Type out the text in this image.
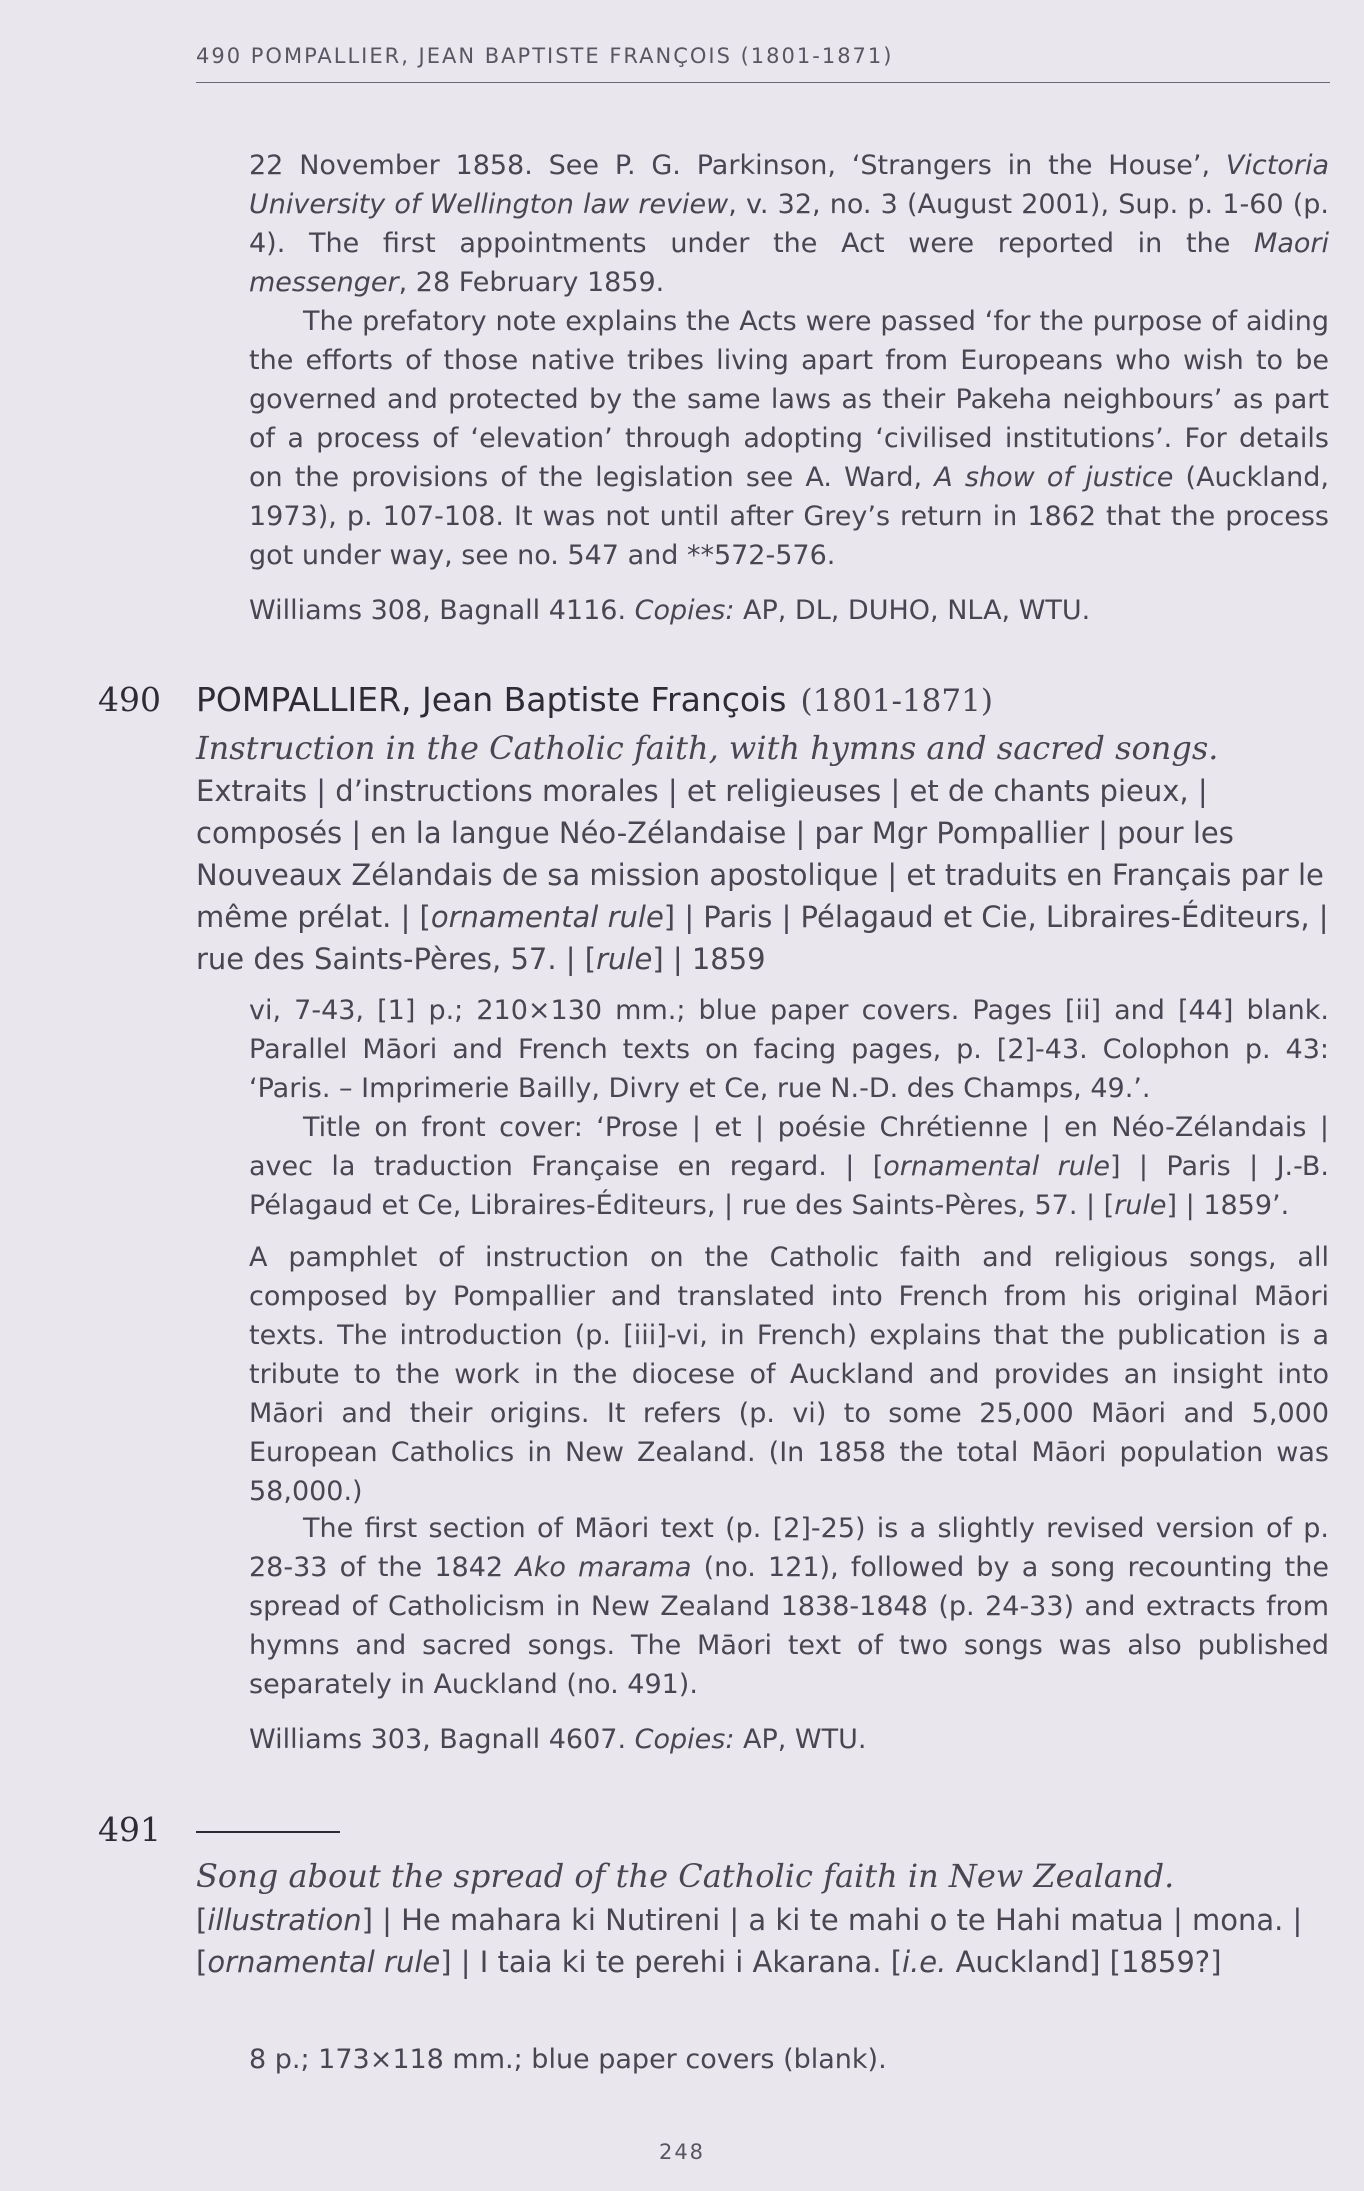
490 POMPALLIER, JEAN BAPTISTE FRANÇOIS (1801-1871)

22 November 1858. See P. G. Parkinson, ‘Strangers in the House’, Victoria University of Wellington law review, v. 32, no. 3 (August 2001), Sup. p. 1-60 (p. 4). The first appointments under the Act were reported in the Maori messenger, 28 February 1859.

The prefatory note explains the Acts were passed ‘for the purpose of aiding the efforts of those native tribes living apart from Europeans who wish to be governed and protected by the same laws as their Pakeha neighbours’ as part of a process of ‘elevation’ through adopting ‘civilised institutions’. For details on the provisions of the legislation see A. Ward, A show of justice (Auckland, 1973), p. 107-108. It was not until after Grey’s return in 1862 that the process got under way, see no. 547 and **572-576.

Williams 308, Bagnall 4116. Copies: AP, DL, DUHO, NLA, WTU.

490 POMPALLIER, Jean Baptiste François (1801-1871)
Instruction in the Catholic faith, with hymns and sacred songs.

Extraits | d’instructions morales | et religieuses | et de chants pieux, | composés | en la langue Néo-Zélandaise | par Mgr Pompallier | pour les Nouveaux Zélandais de sa mission apostolique | et traduits en Français par le même prélat. | [ornamental rule] | Paris | Pélagaud et Cie, Libraires-Éditeurs, | rue des Saints-Pères, 57. | [rule] | 1859

vi, 7-43, [1] p.; 210×130 mm.; blue paper covers. Pages [ii] and [44] blank. Parallel Māori and French texts on facing pages, p. [2]-43. Colophon p. 43: ‘Paris. – Imprimerie Bailly, Divry et Ce, rue N.-D. des Champs, 49.’.

Title on front cover: ‘Prose | et | poésie Chrétienne | en Néo-Zélandais | avec la traduction Française en regard. | [ornamental rule] | Paris | J.-B. Pélagaud et Ce, Libraires-Éditeurs, | rue des Saints-Pères, 57. | [rule] | 1859’.

A pamphlet of instruction on the Catholic faith and religious songs, all composed by Pompallier and translated into French from his original Māori texts. The introduction (p. [iii]-vi, in French) explains that the publication is a tribute to the work in the diocese of Auckland and provides an insight into Māori and their origins. It refers (p. vi) to some 25,000 Māori and 5,000 European Catholics in New Zealand. (In 1858 the total Māori population was 58,000.)

The first section of Māori text (p. [2]-25) is a slightly revised version of p. 28-33 of the 1842 Ako marama (no. 121), followed by a song recounting the spread of Catholicism in New Zealand 1838-1848 (p. 24-33) and extracts from hymns and sacred songs. The Māori text of two songs was also published separately in Auckland (no. 491).

Williams 303, Bagnall 4607. Copies: AP, WTU.

491
Song about the spread of the Catholic faith in New Zealand.

[illustration] | He mahara ki Nutireni | a ki te mahi o te Hahi matua | mona. | [ornamental rule] | I taia ki te perehi i Akarana. [i.e. Auckland] [1859?]

8 p.; 173×118 mm.; blue paper covers (blank).

248
